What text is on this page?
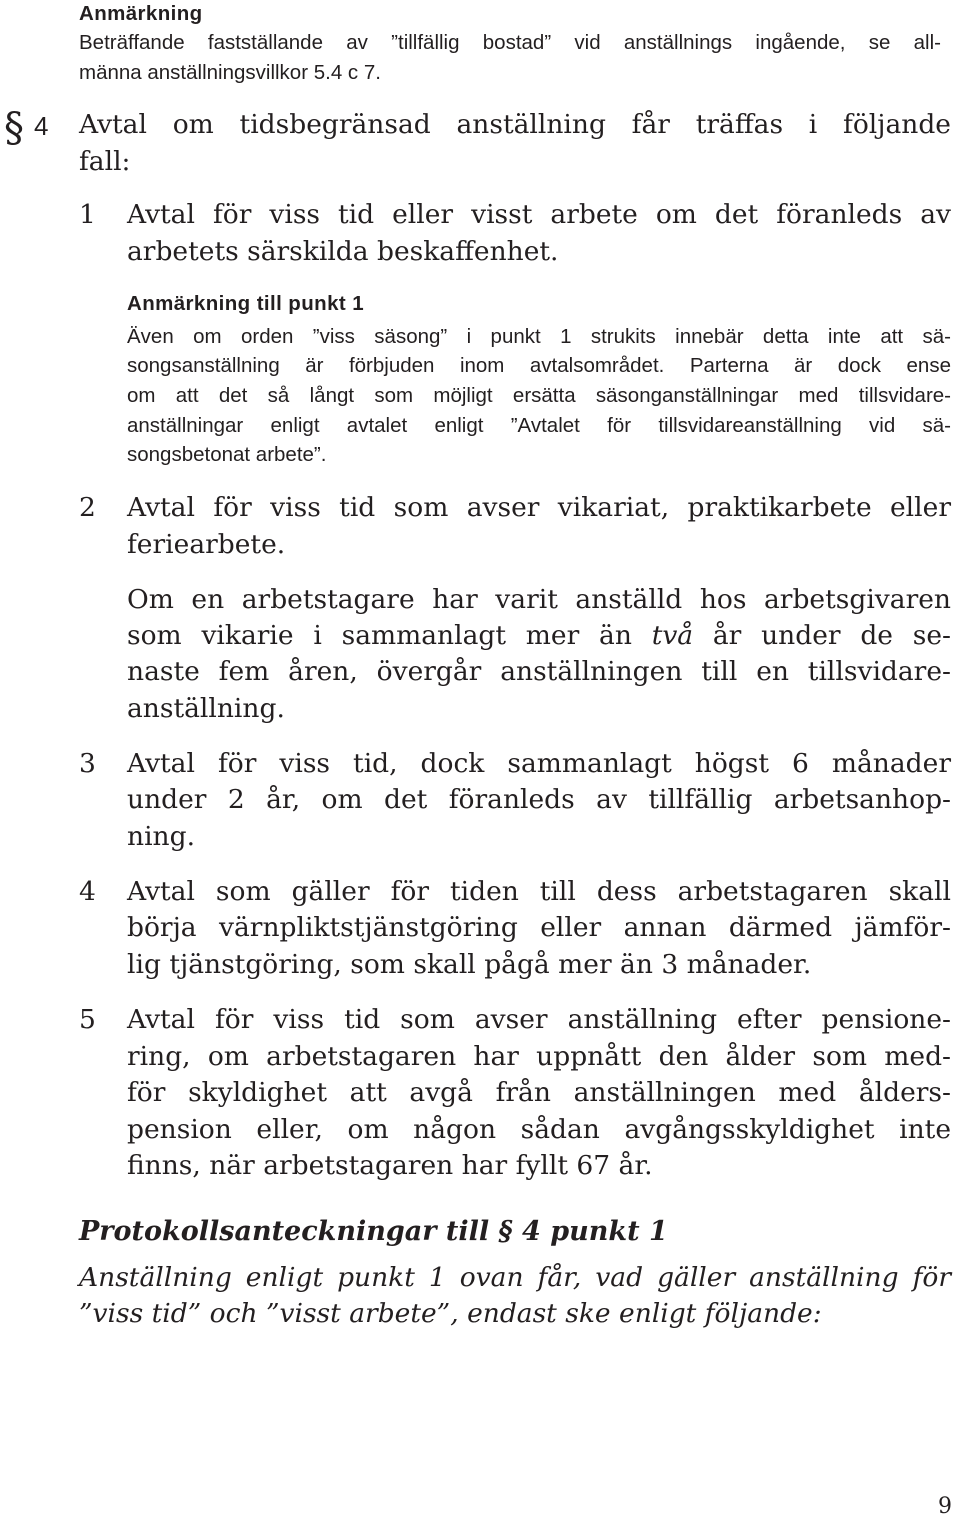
Anmärkning
Beträffande fastställande av ”tillfällig bostad” vid anställnings ingående, se all-
männa anställningsvillkor 5.4 c 7.
§ 4 Avtal om tidsbegränsad anställning får träffas i följande
fall:
1 Avtal för viss tid eller visst arbete om det föranleds av
arbetets särskilda beskaffenhet.
Anmärkning till punkt 1
Även om orden ”viss säsong” i punkt 1 strukits innebär detta inte att sä-
songsanställning är förbjuden inom avtalsområdet. Parterna är dock ense
om att det så långt som möjligt ersätta säsonganställningar med tillsvidare-
anställningar enligt avtalet enligt ”Avtalet för tillsvidareanställning vid sä-
songsbetonat arbete”.
2 Avtal för viss tid som avser vikariat, praktikarbete eller
feriearbete.
Om en arbetstagare har varit anställd hos arbetsgivaren
som vikarie i sammanlagt mer än två år under de se-
naste fem åren, övergår anställningen till en tillsvidare-
anställning.
3 Avtal för viss tid, dock sammanlagt högst 6 månader
under 2 år, om det föranleds av tillfällig arbetsanhop-
ning.
4 Avtal som gäller för tiden till dess arbetstagaren skall
börja värnpliktstjänstgöring eller annan därmed jämför-
lig tjänstgöring, som skall pågå mer än 3 månader.
5 Avtal för viss tid som avser anställning efter pensione-
ring, om arbetstagaren har uppnått den ålder som med-
för skyldighet att avgå från anställningen med ålders-
pension eller, om någon sådan avgångsskyldighet inte
finns, när arbetstagaren har fyllt 67 år.
Protokollsanteckningar till § 4 punkt 1
Anställning enligt punkt 1 ovan får, vad gäller anställning för
”viss tid” och ”visst arbete”, endast ske enligt följande:
9
